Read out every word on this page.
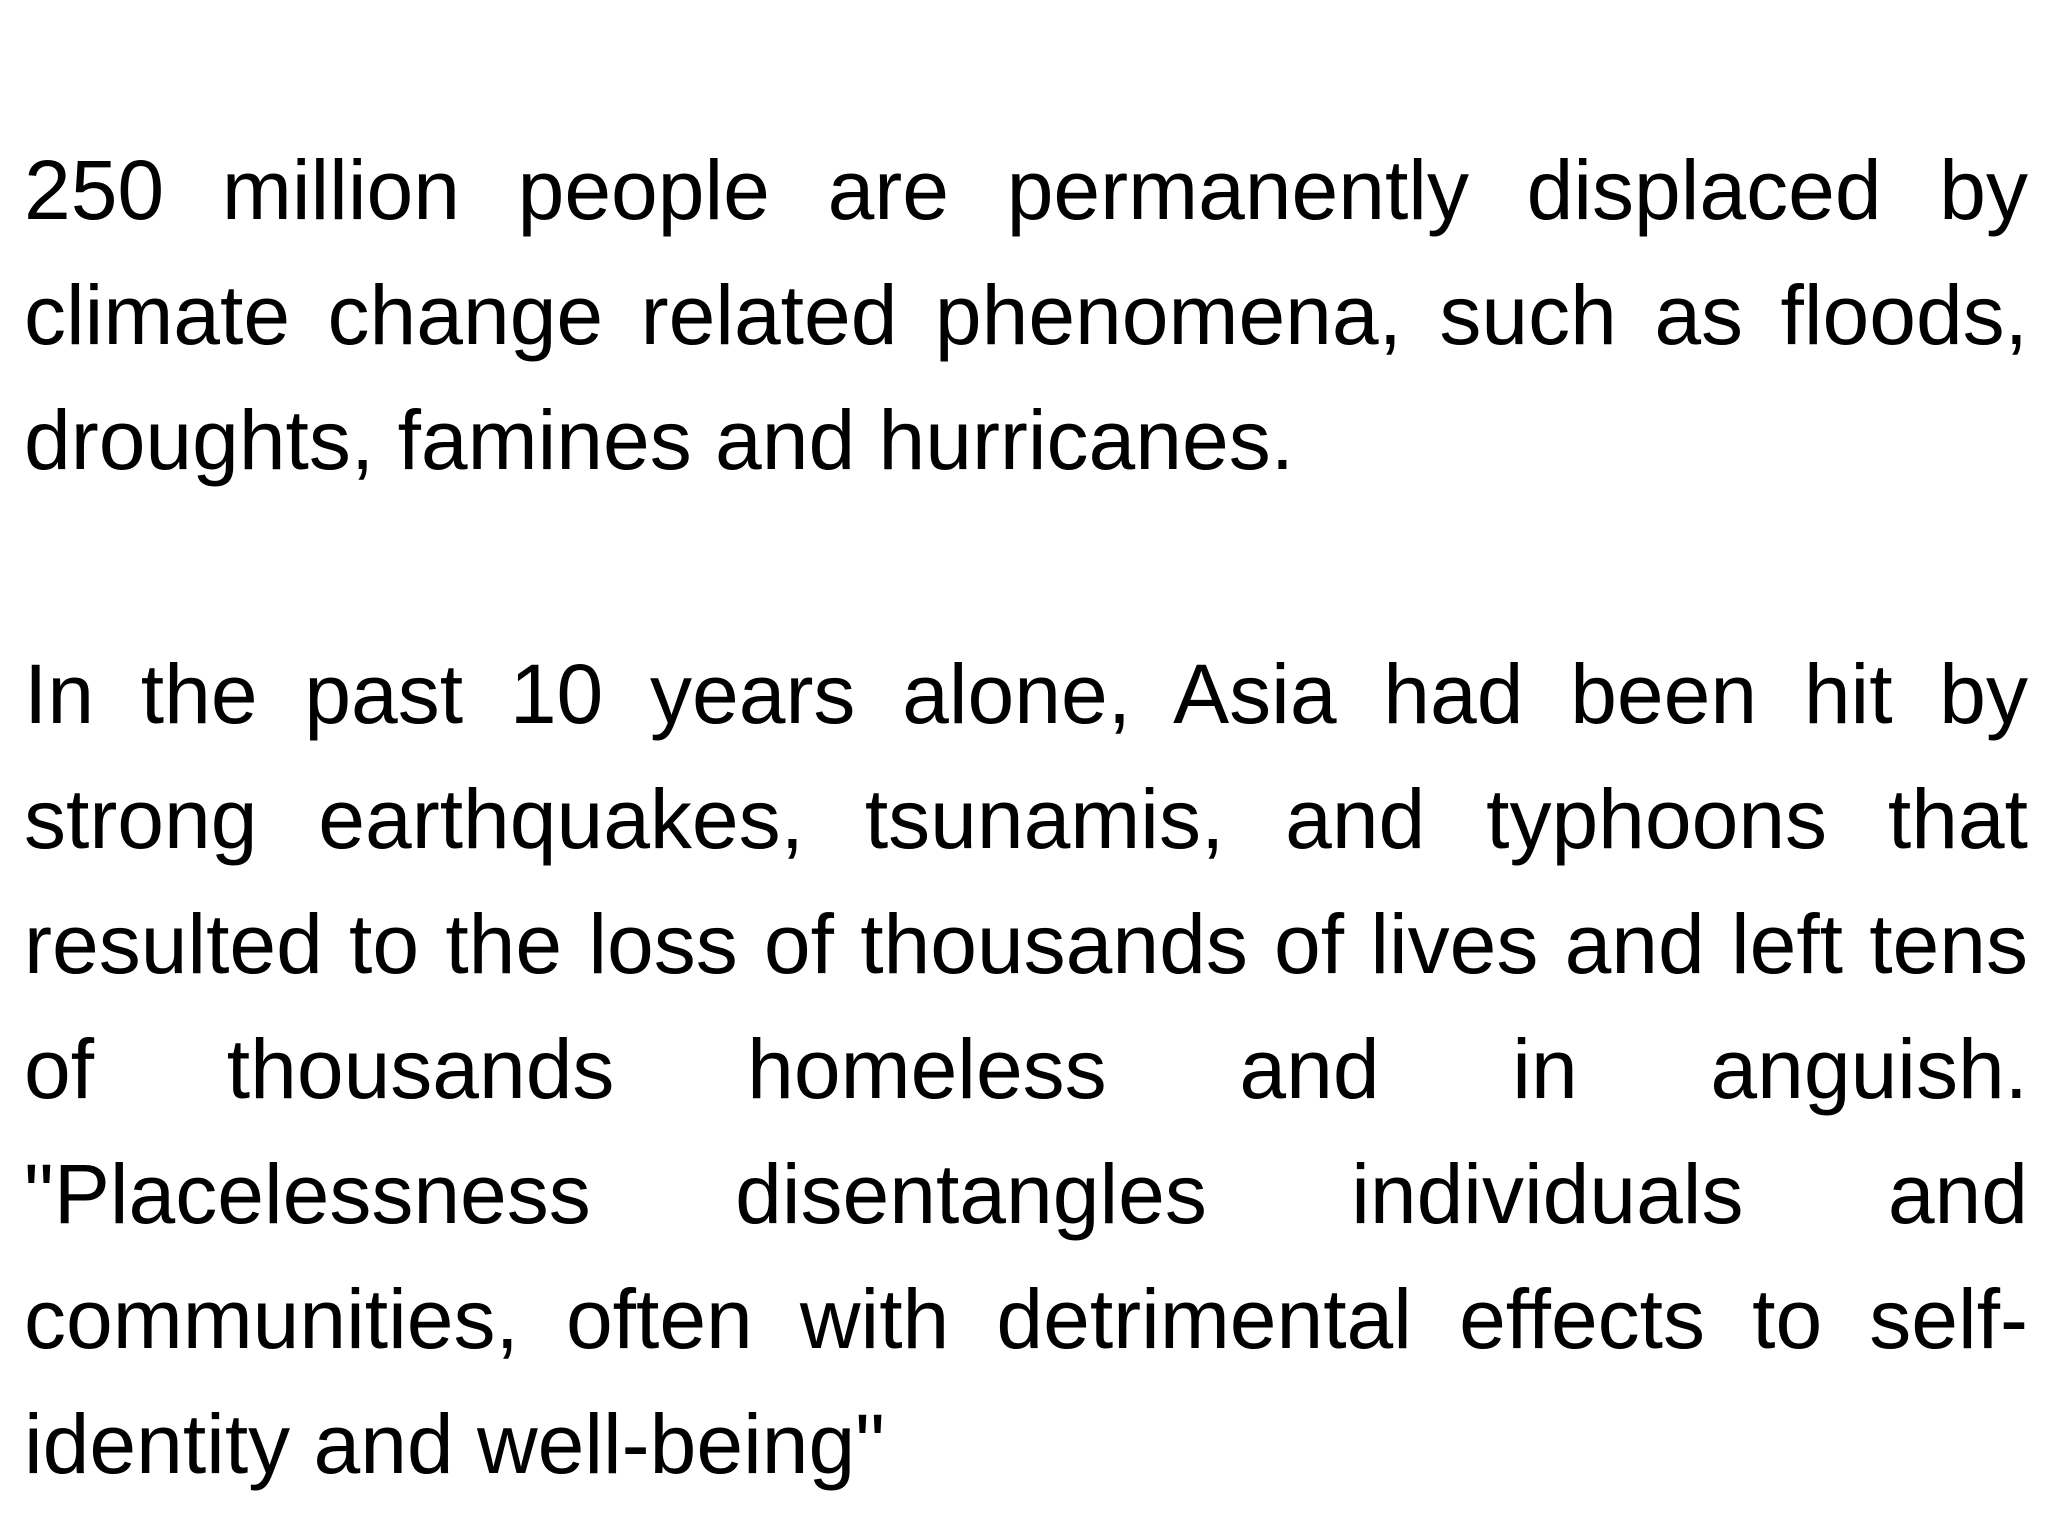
250 million people are permanently displaced by climate change related phenomena, such as floods, droughts, famines and hurricanes.

In the past 10 years alone, Asia had been hit by strong earthquakes, tsunamis, and typhoons that resulted to the loss of thousands of lives and left tens of thousands homeless and in anguish. "Placelessness disentangles individuals and communities, often with detrimental effects to self-identity and well-being"
